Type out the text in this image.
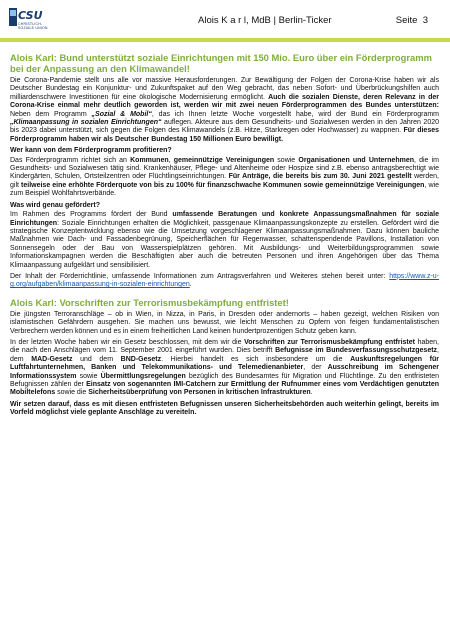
CSU
CHRISTLICH-SOZIALE UNION
Alois K a r l, MdB | Berlin-Ticker	Seite  3
Alois Karl: Bund unterstützt soziale Einrichtungen mit 150 Mio. Euro über ein Förderprogramm bei der Anpassung an den Klimawandel!

Die Corona-Pandemie stellt uns alle vor massive Herausforderungen. Zur Bewältigung der Folgen der Corona-Krise haben wir als Deutscher Bundestag ein Konjunktur- und Zukunftspaket auf den Weg gebracht, das neben Sofort- und Überbrückungshilfen auch milliardenschwere Investitionen für eine ökologische Modernisierung ermöglicht. Auch die sozialen Dienste, deren Relevanz in der Corona-Krise einmal mehr deutlich geworden ist, werden wir mit zwei neuen Förderprogrammen des Bundes unterstützen: Neben dem Programm „Sozial & Mobil“, das ich Ihnen letzte Woche vorgestellt habe, wird der Bund ein Förderprogramm „Klimaanpassung in sozialen Einrichtungen“ auflegen. Akteure aus dem Gesundheits- und Sozialwesen werden in den Jahren 2020 bis 2023 dabei unterstützt, sich gegen die Folgen des Klimawandels (z.B. Hitze, Starkregen oder Hochwasser) zu wappnen. Für dieses Förderprogramm haben wir als Deutscher Bundestag 150 Millionen Euro bewilligt.

Wer kann von dem Förderprogramm profitieren?

Das Förderprogramm richtet sich an Kommunen, gemeinnützige Vereinigungen sowie Organisationen und Unternehmen, die im Gesundheits- und Sozialwesen tätig sind. Krankenhäuser, Pflege- und Altenheime oder Hospize sind z.B. ebenso antragsberechtigt wie Kindergärten, Schulen, Ortsteilzentren oder Flüchtlingseinrichtungen. Für Anträge, die bereits bis zum 30. Juni 2021 gestellt werden, gilt teilweise eine erhöhte Förderquote von bis zu 100% für finanzschwache Kommunen sowie gemeinnützige Vereinigungen, wie zum Beispiel Wohlfahrtsverbände.

Was wird genau gefördert?

Im Rahmen des Programms fördert der Bund umfassende Beratungen und konkrete Anpassungsmaßnahmen für soziale Einrichtungen: Soziale Einrichtungen erhalten die Möglichkeit, passgenaue Klimaanpassungskonzepte zu erstellen. Gefördert wird die strategische Konzeptentwicklung ebenso wie die Umsetzung vorgeschlagener Klimaanpassungsmaßnahmen. Dazu können bauliche Maßnahmen wie Dach- und Fassadenbegrünung, Speicherflächen für Regenwasser, schattenspendende Pavillons, Installation von Sonnensegeln oder der Bau von Wasserspielplätzen gehören. Mit Ausbildungs- und Weiterbildungsprogrammen sowie Informationskampagnen werden die Beschäftigten aber auch die betreuten Personen und ihren Angehörigen über das Thema Klimaanpassung aufgeklärt und sensibilisiert.

Der Inhalt der Förderrichtlinie, umfassende Informationen zum Antragsverfahren und Weiteres stehen bereit unter: https://www.z-u-g.org/aufgaben/klimaanpassung-in-sozialen-einrichtungen.

Alois Karl: Vorschriften zur Terrorismusbekämpfung entfristet!

Die jüngsten Terroranschläge – ob in Wien, in Nizza, in Paris, in Dresden oder andernorts – haben gezeigt, welchen Risiken von islamistischen Gefährdern ausgehen. Sie machen uns bewusst, wie leicht Menschen zu Opfern von feigen fundamentalistischen Verbrechern werden können und es in einem freiheitlichen Land keinen hundertprozentigen Schutz geben kann.

In der letzten Woche haben wir ein Gesetz beschlossen, mit dem wir die Vorschriften zur Terrorismusbekämpfung entfristet haben, die nach den Anschlägen vom 11. September 2001 eingeführt wurden. Dies betrifft Befugnisse im Bundesverfassungsschutzgesetz, dem MAD-Gesetz und dem BND-Gesetz. Hierbei handelt es sich insbesondere um die Auskunftsregelungen für Luftfahrtunternehmen, Banken und Telekommunikations- und Telemedienanbieter, der Ausschreibung im Schengener Informationssystem sowie Übermittlungsregelungen bezüglich des Bundesamtes für Migration und Flüchtlinge. Zu den entfristeten Befugnissen zählen der Einsatz von sogenannten IMI-Catchern zur Ermittlung der Rufnummer eines vom Verdächtigen genutzten Mobiltelefons sowie die Sicherheitsüberprüfung von Personen in kritischen Infrastrukturen.

Wir setzen darauf, dass es mit diesen entfristeten Befugnissen unseren Sicherheitsbehörden auch weiterhin gelingt, bereits im Vorfeld möglichst viele geplante Anschläge zu vereiteln.
